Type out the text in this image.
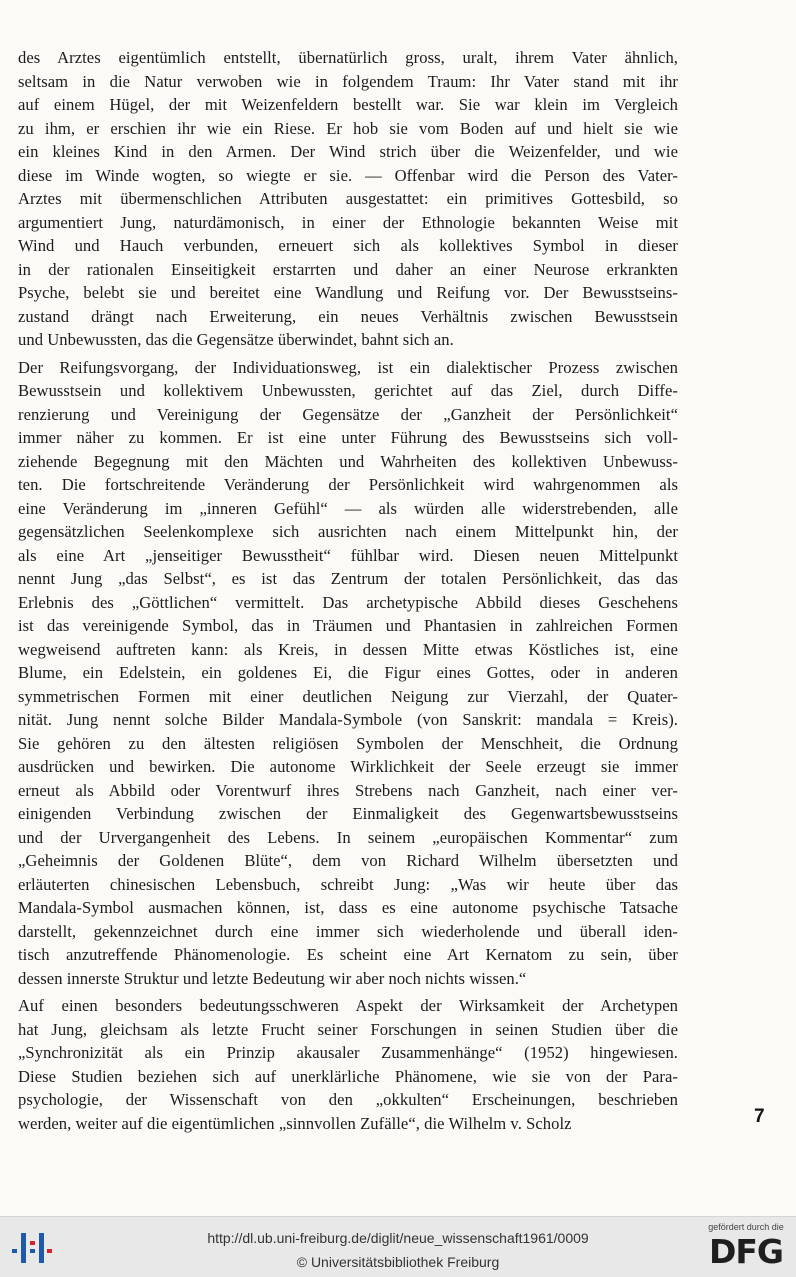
des Arztes eigentümlich entstellt, übernatürlich gross, uralt, ihrem Vater ähnlich,
seltsam in die Natur verwoben wie in folgendem Traum: Ihr Vater stand mit ihr
auf einem Hügel, der mit Weizenfeldern bestellt war. Sie war klein im Vergleich
zu ihm, er erschien ihr wie ein Riese. Er hob sie vom Boden auf und hielt sie wie
ein kleines Kind in den Armen. Der Wind strich über die Weizenfelder, und wie
diese im Winde wogten, so wiegte er sie. — Offenbar wird die Person des Vater-
Arztes mit übermenschlichen Attributen ausgestattet: ein primitives Gottesbild, so
argumentiert Jung, naturdämonisch, in einer der Ethnologie bekannten Weise mit
Wind und Hauch verbunden, erneuert sich als kollektives Symbol in dieser
in der rationalen Einseitigkeit erstarrten und daher an einer Neurose erkrankten
Psyche, belebt sie und bereitet eine Wandlung und Reifung vor. Der Bewusstseins-
zustand drängt nach Erweiterung, ein neues Verhältnis zwischen Bewusstsein
und Unbewussten, das die Gegensätze überwindet, bahnt sich an.
Der Reifungsvorgang, der Individuationsweg, ist ein dialektischer Prozess zwischen
Bewusstsein und kollektivem Unbewussten, gerichtet auf das Ziel, durch Diffe-
renzierung und Vereinigung der Gegensätze der „Ganzheit der Persönlichkeit“
immer näher zu kommen. Er ist eine unter Führung des Bewusstseins sich voll-
ziehende Begegnung mit den Mächten und Wahrheiten des kollektiven Unbewuss-
ten. Die fortschreitende Veränderung der Persönlichkeit wird wahrgenommen als
eine Veränderung im „inneren Gefühl“ — als würden alle widerstrebenden, alle
gegensätzlichen Seelenkomplexe sich ausrichten nach einem Mittelpunkt hin, der
als eine Art „jenseitiger Bewusstheit“ fühlbar wird. Diesen neuen Mittelpunkt
nennt Jung „das Selbst“, es ist das Zentrum der totalen Persönlichkeit, das das
Erlebnis des „Göttlichen“ vermittelt. Das archetypische Abbild dieses Geschehens
ist das vereinigende Symbol, das in Träumen und Phantasien in zahlreichen Formen
wegweisend auftreten kann: als Kreis, in dessen Mitte etwas Köstliches ist, eine
Blume, ein Edelstein, ein goldenes Ei, die Figur eines Gottes, oder in anderen
symmetrischen Formen mit einer deutlichen Neigung zur Vierzahl, der Quater-
nität. Jung nennt solche Bilder Mandala-Symbole (von Sanskrit: mandala = Kreis).
Sie gehören zu den ältesten religiösen Symbolen der Menschheit, die Ordnung
ausdrücken und bewirken. Die autonome Wirklichkeit der Seele erzeugt sie immer
erneut als Abbild oder Vorentwurf ihres Strebens nach Ganzheit, nach einer ver-
einigenden Verbindung zwischen der Einmaligkeit des Gegenwartsbewusstseins
und der Urvergangenheit des Lebens. In seinem „europäischen Kommentar“ zum
„Geheimnis der Goldenen Blüte“, dem von Richard Wilhelm übersetzten und
erläuterten chinesischen Lebensbuch, schreibt Jung: „Was wir heute über das
Mandala-Symbol ausmachen können, ist, dass es eine autonome psychische Tatsache
darstellt, gekennzeichnet durch eine immer sich wiederholende und überall iden-
tisch anzutreffende Phänomenologie. Es scheint eine Art Kernatom zu sein, über
dessen innerste Struktur und letzte Bedeutung wir aber noch nichts wissen.“
Auf einen besonders bedeutungsschweren Aspekt der Wirksamkeit der Archetypen
hat Jung, gleichsam als letzte Frucht seiner Forschungen in seinen Studien über die
„Synchronizität als ein Prinzip akausaler Zusammenhänge“ (1952) hingewiesen.
Diese Studien beziehen sich auf unerklärliche Phänomene, wie sie von der Para-
psychologie, der Wissenschaft von den „okkulten“ Erscheinungen, beschrieben
werden, weiter auf die eigentümlichen „sinnvollen Zufälle“, die Wilhelm v. Scholz	7
http://dl.ub.uni-freiburg.de/diglit/neue_wissenschaft1961/0009
© Universitätsbibliothek Freiburg
gefördert durch die
DFG
